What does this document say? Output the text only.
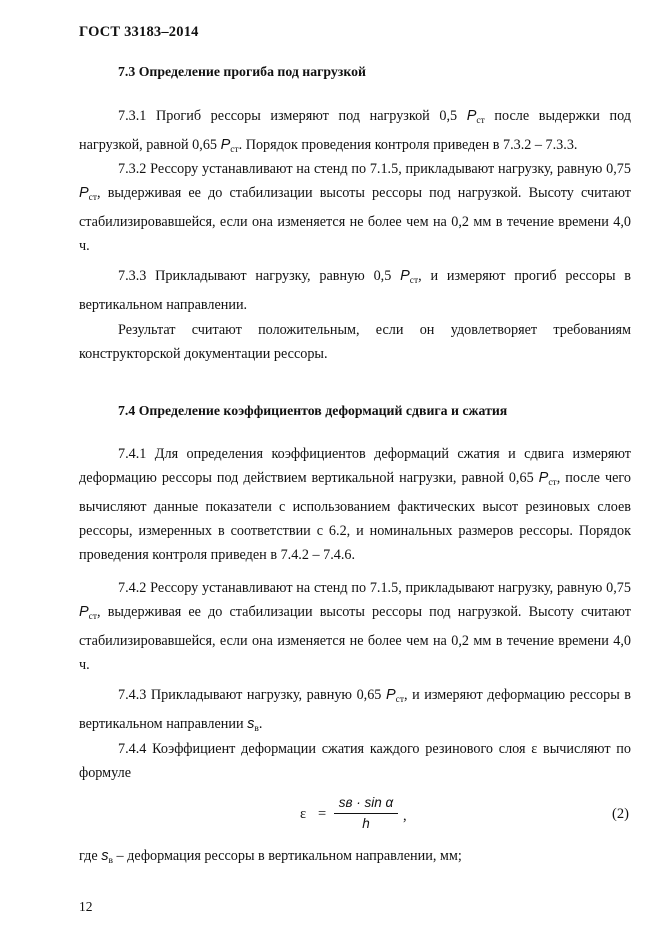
ГОСТ 33183–2014
7.3 Определение прогиба под нагрузкой
7.3.1 Прогиб рессоры измеряют под нагрузкой 0,5 $P_{ст}$ после выдержки под нагрузкой, равной 0,65 $P_{ст}$. Порядок проведения контроля приведен в 7.3.2 – 7.3.3.
7.3.2 Рессору устанавливают на стенд по 7.1.5, прикладывают нагрузку, равную 0,75 $P_{ст}$, выдерживая ее до стабилизации высоты рессоры под нагрузкой. Высоту считают стабилизировавшейся, если она изменяется не более чем на 0,2 мм в течение времени 4,0 ч.
7.3.3 Прикладывают нагрузку, равную 0,5 $P_{ст}$, и измеряют прогиб рессоры в вертикальном направлении.
Результат считают положительным, если он удовлетворяет требованиям конструкторской документации рессоры.
7.4 Определение коэффициентов деформаций сдвига и сжатия
7.4.1 Для определения коэффициентов деформаций сжатия и сдвига измеряют деформацию рессоры под действием вертикальной нагрузки, равной 0,65 $P_{ст}$, после чего вычисляют данные показатели с использованием фактических высот резиновых слоев рессоры, измеренных в соответствии с 6.2, и номинальных размеров рессоры. Порядок проведения контроля приведен в 7.4.2 – 7.4.6.
7.4.2 Рессору устанавливают на стенд по 7.1.5, прикладывают нагрузку, равную 0,75 $P_{ст}$, выдерживая ее до стабилизации высоты рессоры под нагрузкой. Высоту считают стабилизировавшейся, если она изменяется не более чем на 0,2 мм в течение времени 4,0 ч.
7.4.3 Прикладывают нагрузку, равную 0,65 $P_{ст}$, и измеряют деформацию рессоры в вертикальном направлении $s_в$.
7.4.4 Коэффициент деформации сжатия каждого резинового слоя ε вычисляют по формуле
ε =
sв · sin α
h	,	(2)
где $s_в$ – деформация рессоры в вертикальном направлении, мм;
12
